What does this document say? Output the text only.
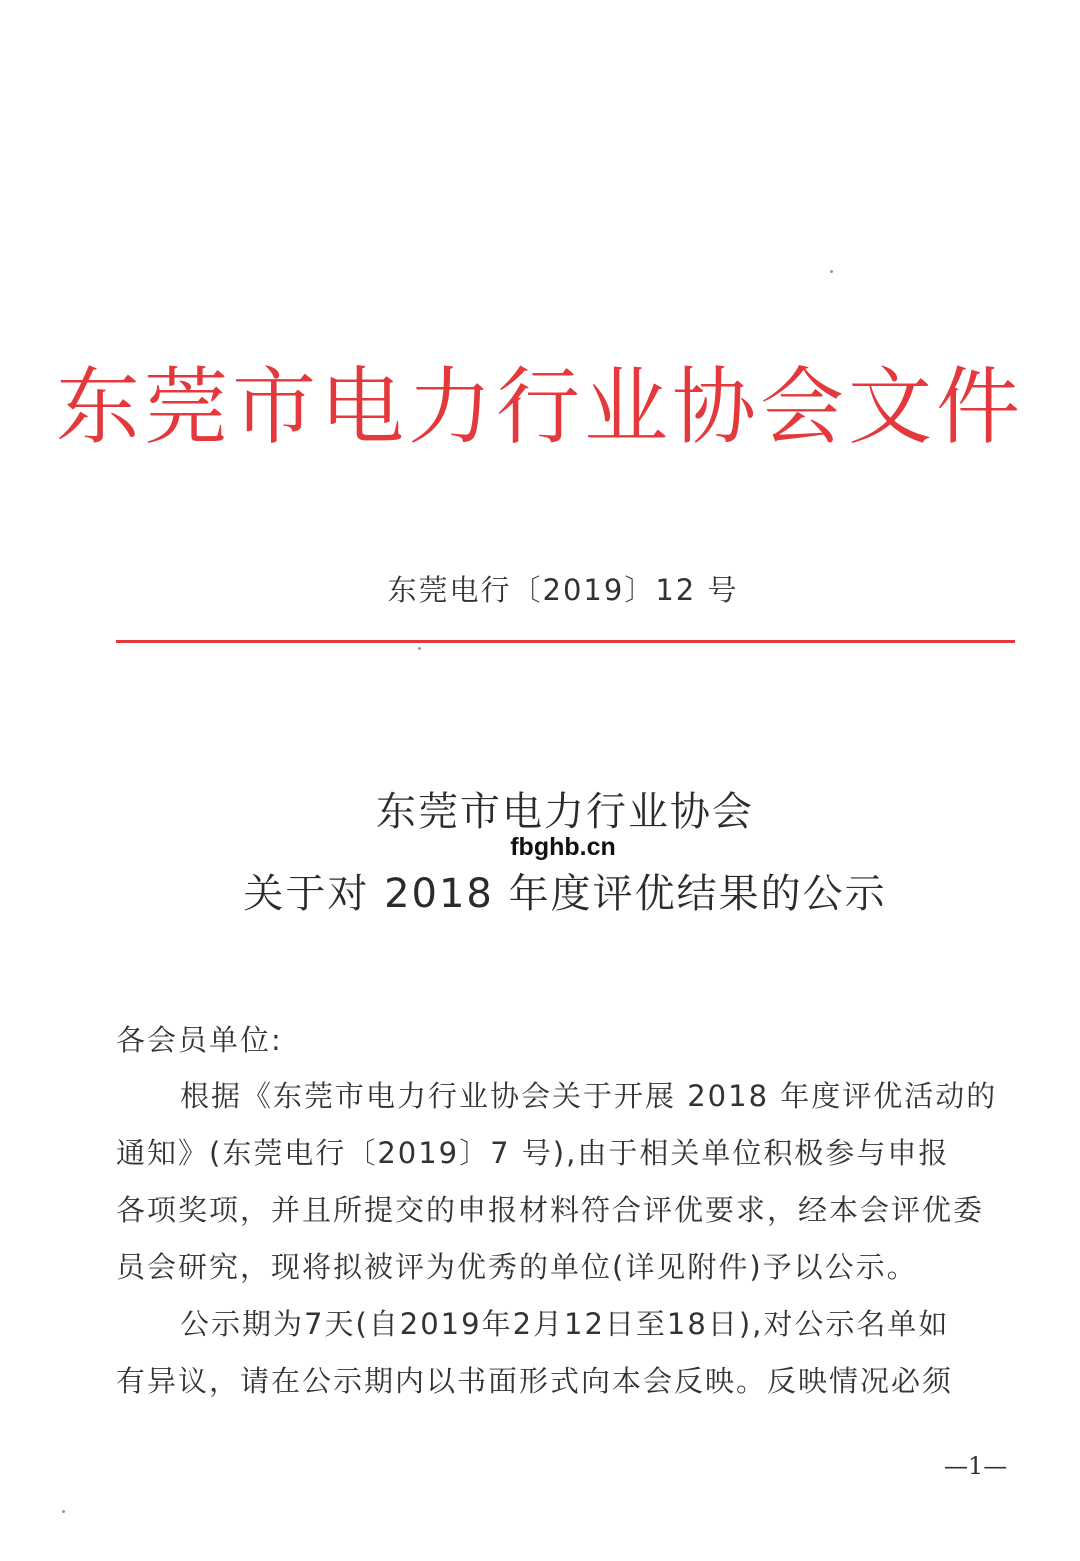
东莞市电力行业协会文件
东莞电行〔2019〕12 号
东莞市电力行业协会
fbghb.cn
关于对 2018 年度评优结果的公示
各会员单位:
根据《东莞市电力行业协会关于开展 2018 年度评优活动的
通知》(东莞电行〔2019〕7 号),由于相关单位积极参与申报
各项奖项，并且所提交的申报材料符合评优要求，经本会评优委
员会研究，现将拟被评为优秀的单位(详见附件)予以公示。
公示期为7天(自2019年2月12日至18日),对公示名单如
有异议，请在公示期内以书面形式向本会反映。反映情况必须
—1—
